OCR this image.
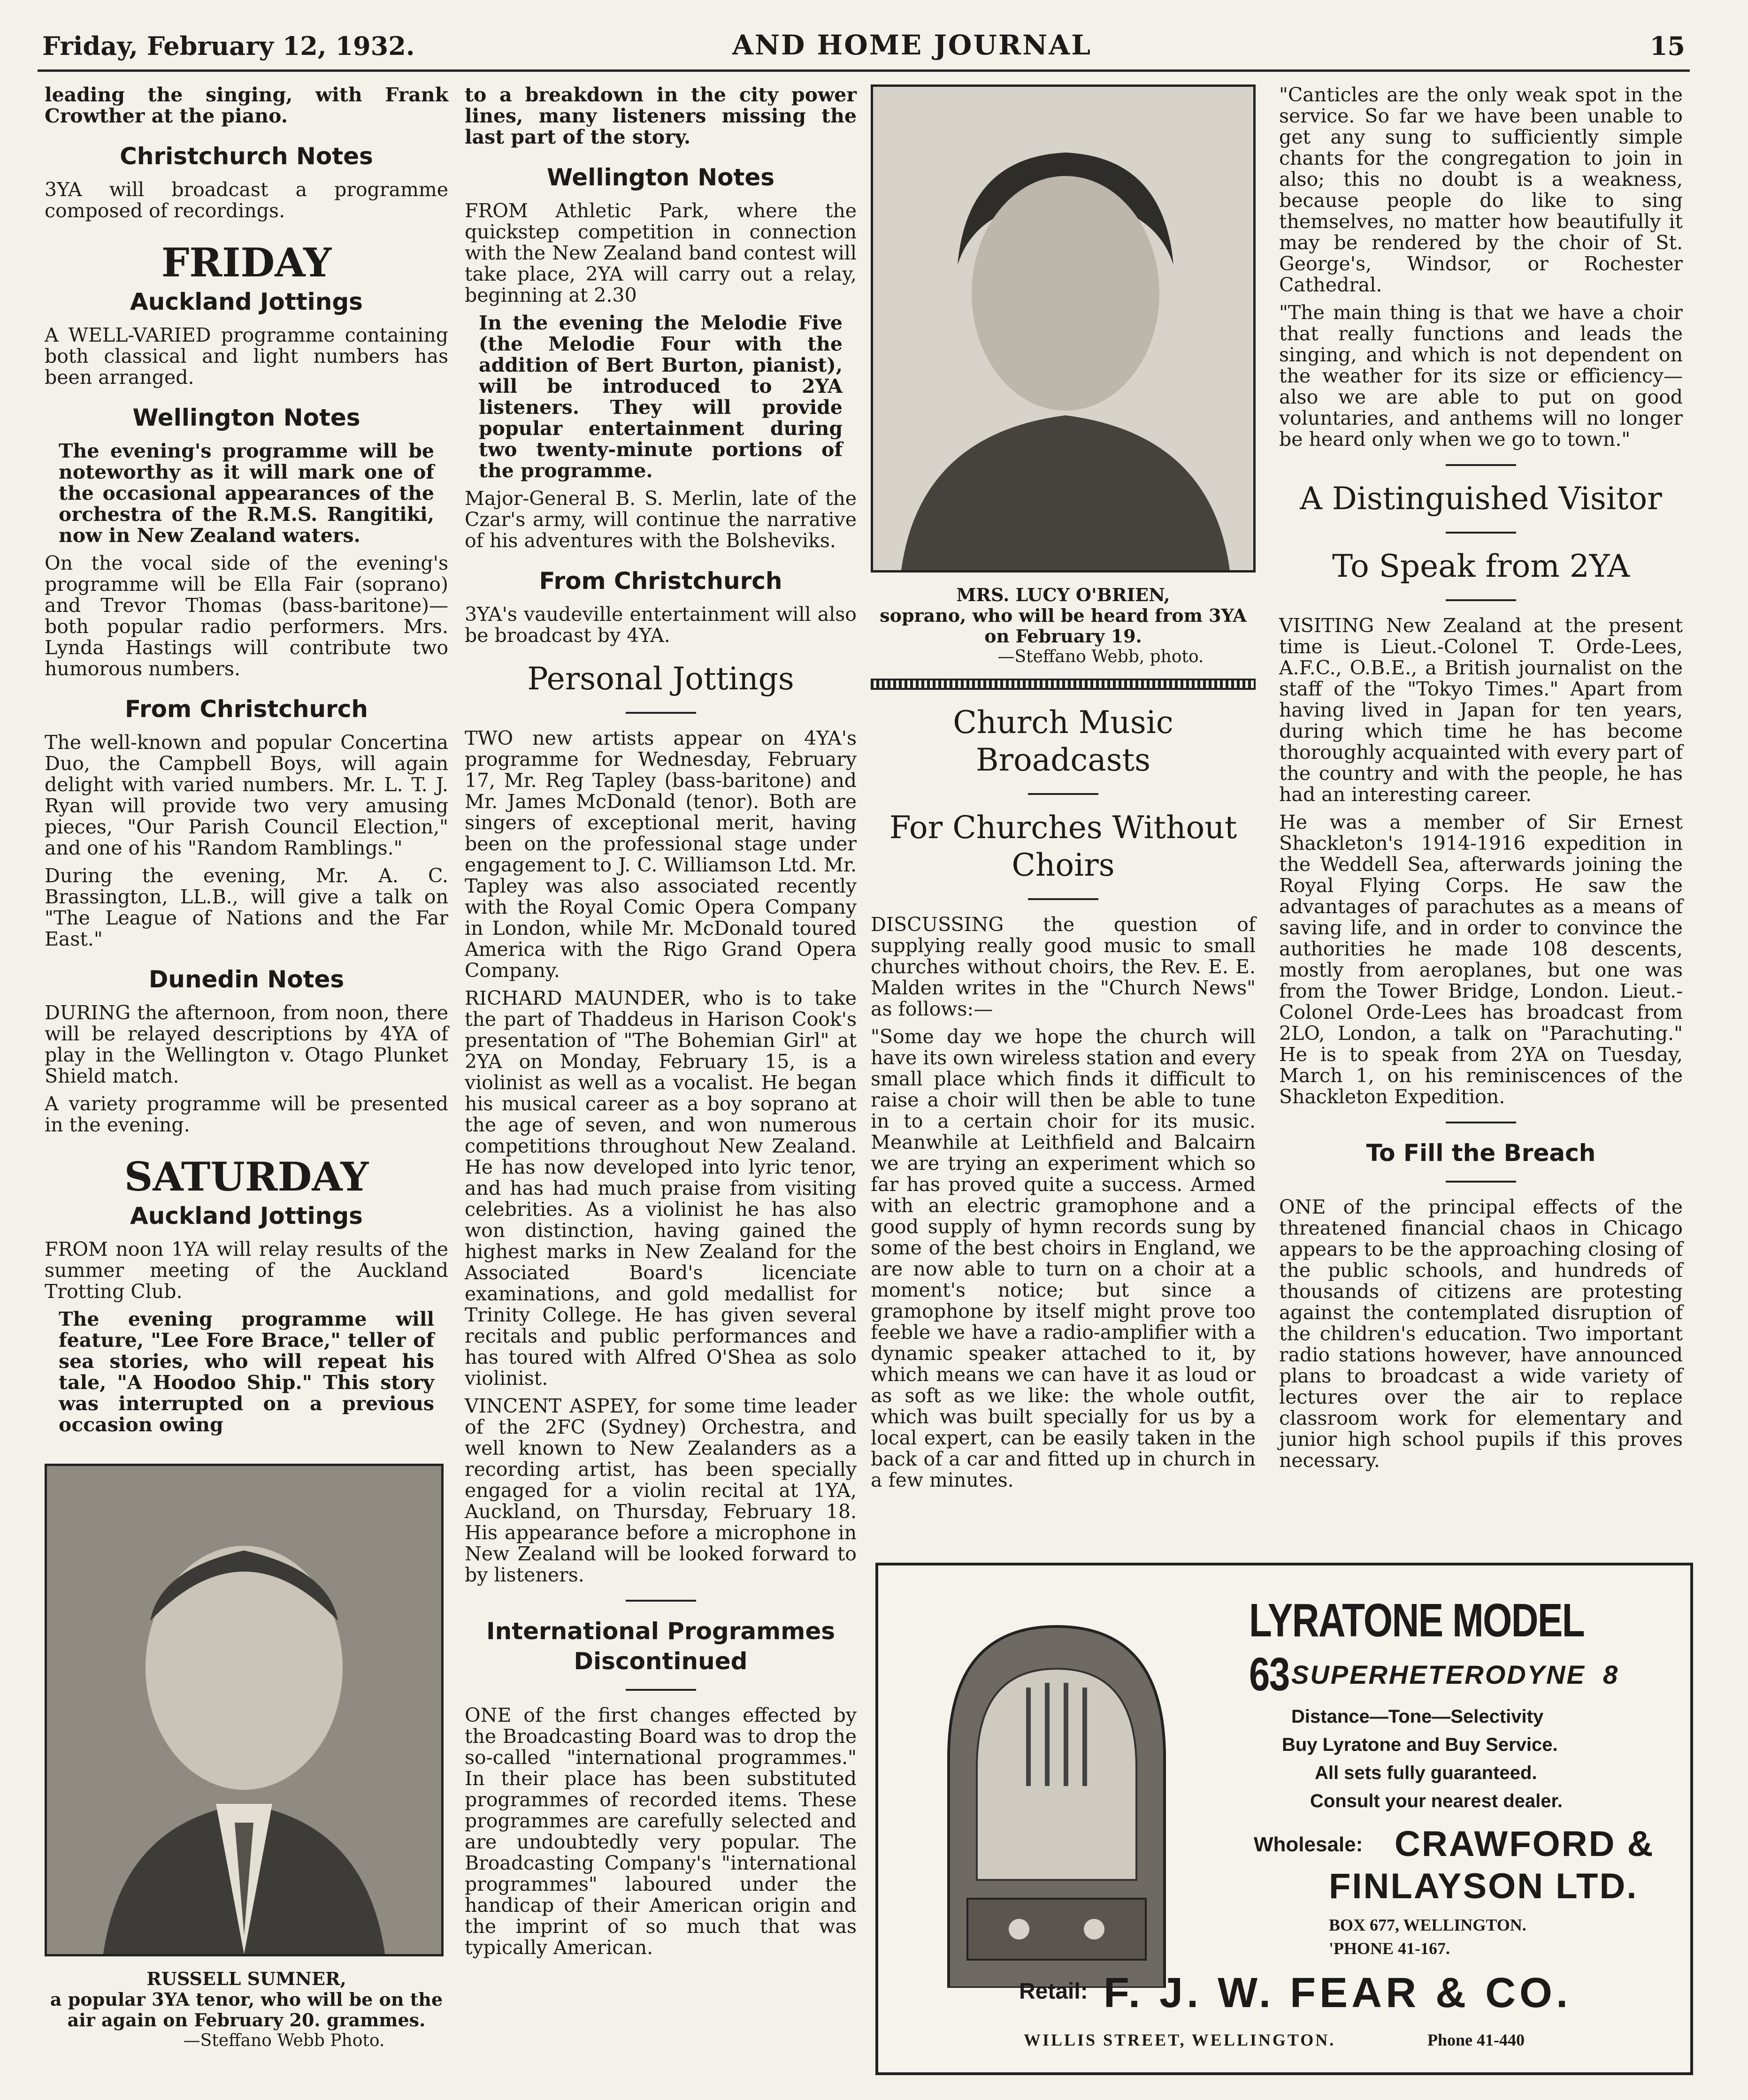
Friday, February 12, 1932.	AND HOME JOURNAL	15

leading the singing, with Frank Crowther at the piano.

Christchurch Notes

3YA will broadcast a programme composed of recordings.

FRIDAY
Auckland Jottings

A WELL-VARIED programme containing both classical and light numbers has been arranged.

Wellington Notes

The evening's programme will be noteworthy as it will mark one of the occasional appearances of the orchestra of the R.M.S. Rangitiki, now in New Zealand waters.

On the vocal side of the evening's programme will be Ella Fair (soprano) and Trevor Thomas (bass-baritone)—both popular radio performers. Mrs. Lynda Hastings will contribute two humorous numbers.

From Christchurch

The well-known and popular Concertina Duo, the Campbell Boys, will again delight with varied numbers. Mr. L. T. J. Ryan will provide two very amusing pieces, "Our Parish Council Election," and one of his "Random Ramblings."

During the evening, Mr. A. C. Brassington, LL.B., will give a talk on "The League of Nations and the Far East."

Dunedin Notes

DURING the afternoon, from noon, there will be relayed descriptions by 4YA of play in the Wellington v. Otago Plunket Shield match.

A variety programme will be presented in the evening.

SATURDAY
Auckland Jottings

FROM noon 1YA will relay results of the summer meeting of the Auckland Trotting Club.

The evening programme will feature, "Lee Fore Brace," teller of sea stories, who will repeat his tale, "A Hoodoo Ship." This story was interrupted on a previous occasion owing

RUSSELL SUMNER,
a popular 3YA tenor, who will be on the air again on February 20. grammes.
—Steffano Webb Photo.

to a breakdown in the city power lines, many listeners missing the last part of the story.

Wellington Notes

FROM Athletic Park, where the quickstep competition in connection with the New Zealand band contest will take place, 2YA will carry out a relay, beginning at 2.30

In the evening the Melodie Five (the Melodie Four with the addition of Bert Burton, pianist), will be introduced to 2YA listeners. They will provide popular entertainment during two twenty-minute portions of the programme.

Major-General B. S. Merlin, late of the Czar's army, will continue the narrative of his adventures with the Bolsheviks.

From Christchurch

3YA's vaudeville entertainment will also be broadcast by 4YA.

Personal Jottings

TWO new artists appear on 4YA's programme for Wednesday, February 17, Mr. Reg Tapley (bass-baritone) and Mr. James McDonald (tenor). Both are singers of exceptional merit, having been on the professional stage under engagement to J. C. Williamson Ltd. Mr. Tapley was also associated recently with the Royal Comic Opera Company in London, while Mr. McDonald toured America with the Rigo Grand Opera Company.

RICHARD MAUNDER, who is to take the part of Thaddeus in Harison Cook's presentation of "The Bohemian Girl" at 2YA on Monday, February 15, is a violinist as well as a vocalist. He began his musical career as a boy soprano at the age of seven, and won numerous competitions throughout New Zealand. He has now developed into lyric tenor, and has had much praise from visiting celebrities. As a violinist he has also won distinction, having gained the highest marks in New Zealand for the Associated Board's licenciate examinations, and gold medallist for Trinity College. He has given several recitals and public performances and has toured with Alfred O'Shea as solo violinist.

VINCENT ASPEY, for some time leader of the 2FC (Sydney) Orchestra, and well known to New Zealanders as a recording artist, has been specially engaged for a violin recital at 1YA, Auckland, on Thursday, February 18. His appearance before a microphone in New Zealand will be looked forward to by listeners.

International Programmes
Discontinued

ONE of the first changes effected by the Broadcasting Board was to drop the so-called "international programmes." In their place has been substituted programmes of recorded items. These programmes are carefully selected and are undoubtedly very popular. The Broadcasting Company's "international programmes" laboured under the handicap of their American origin and the imprint of so much that was typically American.

MRS. LUCY O'BRIEN,
soprano, who will be heard from 3YA on February 19.
—Steffano Webb, photo.
Church Music Broadcasts
For Churches Without Choirs

DISCUSSING the question of supplying really good music to small churches without choirs, the Rev. E. E. Malden writes in the "Church News" as follows:—

"Some day we hope the church will have its own wireless station and every small place which finds it difficult to raise a choir will then be able to tune in to a certain choir for its music. Meanwhile at Leithfield and Balcairn we are trying an experiment which so far has proved quite a success. Armed with an electric gramophone and a good supply of hymn records sung by some of the best choirs in England, we are now able to turn on a choir at a moment's notice; but since a gramophone by itself might prove too feeble we have a radio-amplifier with a dynamic speaker attached to it, by which means we can have it as loud or as soft as we like: the whole outfit, which was built specially for us by a local expert, can be easily taken in the back of a car and fitted up in church in a few minutes.

"Canticles are the only weak spot in the service. So far we have been unable to get any sung to sufficiently simple chants for the congregation to join in also; this no doubt is a weakness, because people do like to sing themselves, no matter how beautifully it may be rendered by the choir of St. George's, Windsor, or Rochester Cathedral.

"The main thing is that we have a choir that really functions and leads the singing, and which is not dependent on the weather for its size or efficiency—also we are able to put on good voluntaries, and anthems will no longer be heard only when we go to town."

A Distinguished Visitor
To Speak from 2YA

VISITING New Zealand at the present time is Lieut.-Colonel T. Orde-Lees, A.F.C., O.B.E., a British journalist on the staff of the "Tokyo Times." Apart from having lived in Japan for ten years, during which time he has become thoroughly acquainted with every part of the country and with the people, he has had an interesting career.

He was a member of Sir Ernest Shackleton's 1914-1916 expedition in the Weddell Sea, afterwards joining the Royal Flying Corps. He saw the advantages of parachutes as a means of saving life, and in order to convince the authorities he made 108 descents, mostly from aeroplanes, but one was from the Tower Bridge, London. Lieut.-Colonel Orde-Lees has broadcast from 2LO, London, a talk on "Parachuting." He is to speak from 2YA on Tuesday, March 1, on his reminiscences of the Shackleton Expedition.

To Fill the Breach

ONE of the principal effects of the threatened financial chaos in Chicago appears to be the approaching closing of the public schools, and hundreds of thousands of citizens are protesting against the contemplated disruption of the children's education. Two important radio stations however, have announced plans to broadcast a wide variety of lectures over the air to replace classroom work for elementary and junior high school pupils if this proves necessary.

LYRATONE MODEL 63 SUPERHETERODYNE 8
Distance—Tone—Selectivity
Buy Lyratone and Buy Service.
All sets fully guaranteed.
Consult your nearest dealer.
Wholesale: CRAWFORD &
FINLAYSON LTD.
BOX 677, WELLINGTON.
'PHONE 41-167.
Retail: F. J. W. FEAR & CO.
WILLIS STREET, WELLINGTON.	Phone 41-440
